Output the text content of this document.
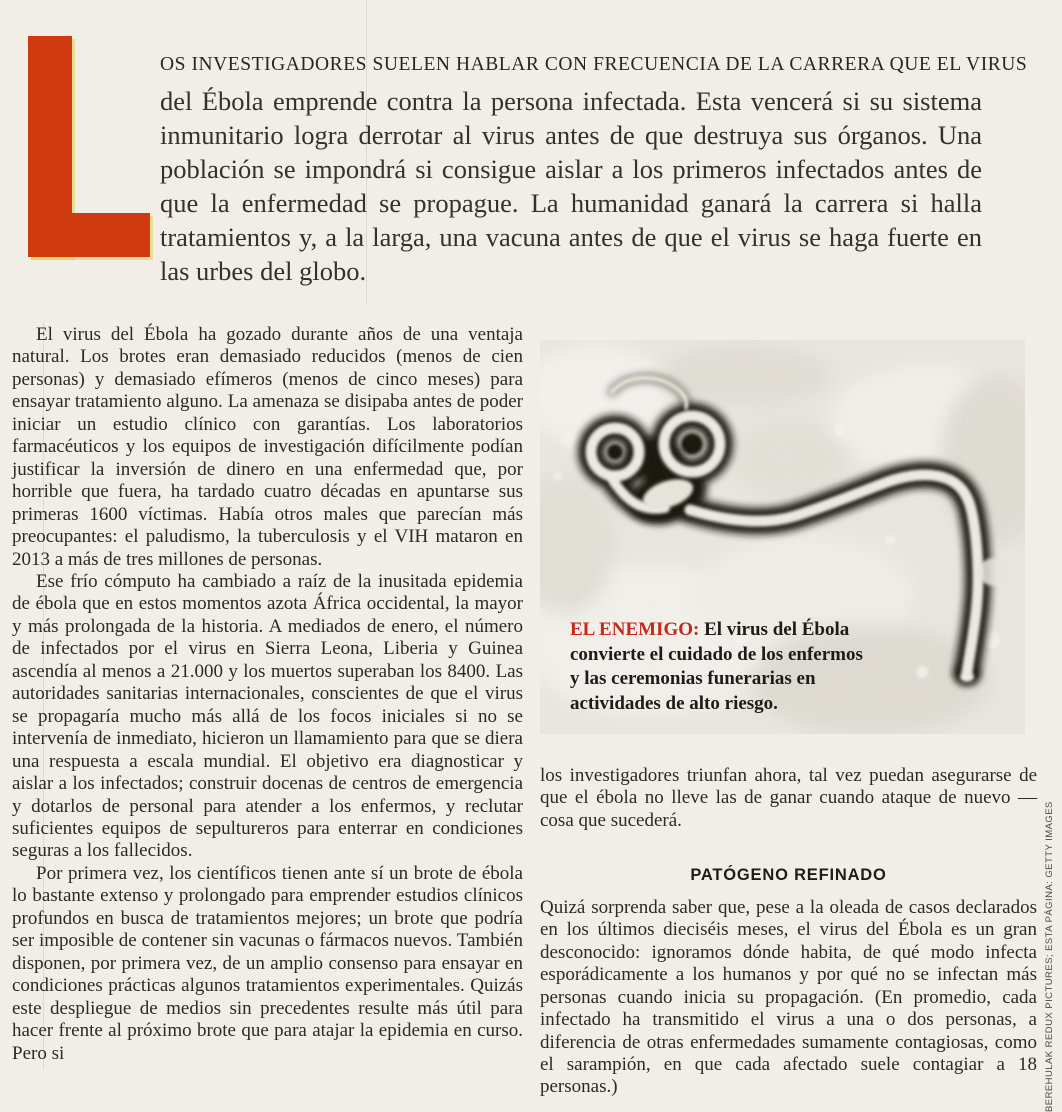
OS INVESTIGADORES SUELEN HABLAR CON FRECUENCIA DE LA CARRERA QUE EL VIRUS

del Ébola emprende contra la persona infectada. Esta vencerá si su sistema inmunitario logra derrotar al virus antes de que destruya sus órganos. Una población se impondrá si consigue aislar a los primeros infectados antes de que la enfermedad se propague. La humanidad ganará la carrera si halla tratamientos y, a la larga, una vacuna antes de que el virus se haga fuerte en las urbes del globo.

El virus del Ébola ha gozado durante años de una ventaja natural. Los brotes eran demasiado reducidos (menos de cien personas) y demasiado efímeros (menos de cinco meses) para ensayar tratamiento alguno. La amenaza se disipaba antes de poder iniciar un estudio clínico con garantías. Los laboratorios farmacéuticos y los equipos de investigación difícilmente podían justificar la inversión de dinero en una enfermedad que, por horrible que fuera, ha tardado cuatro décadas en apuntarse sus primeras 1600 víctimas. Había otros males que parecían más preocupantes: el paludismo, la tuberculosis y el VIH mataron en 2013 a más de tres millones de personas.

Ese frío cómputo ha cambiado a raíz de la inusitada epidemia de ébola que en estos momentos azota África occidental, la mayor y más prolongada de la historia. A mediados de enero, el número de infectados por el virus en Sierra Leona, Liberia y Guinea ascendía al menos a 21.000 y los muertos superaban los 8400. Las autoridades sanitarias internacionales, conscientes de que el virus se propagaría mucho más allá de los focos iniciales si no se intervenía de inmediato, hicieron un llamamiento para que se diera una respuesta a escala mundial. El objetivo era diagnosticar y aislar a los infectados; construir docenas de centros de emergencia y dotarlos de personal para atender a los enfermos, y reclutar suficientes equipos de sepultureros para enterrar en condiciones seguras a los fallecidos.

Por primera vez, los científicos tienen ante sí un brote de ébola lo bastante extenso y prolongado para emprender estudios clínicos profundos en busca de tratamientos mejores; un brote que podría ser imposible de contener sin vacunas o fármacos nuevos. También disponen, por primera vez, de un amplio consenso para ensayar en condiciones prácticas algunos tratamientos experimentales. Quizás este despliegue de medios sin precedentes resulte más útil para hacer frente al próximo brote que para atajar la epidemia en curso. Pero si

EL ENEMIGO: El virus del Ébola convierte el cuidado de los enfermos y las ceremonias funerarias en actividades de alto riesgo.

los investigadores triunfan ahora, tal vez puedan asegurarse de que el ébola no lleve las de ganar cuando ataque de nuevo —cosa que sucederá.

PATÓGENO REFINADO

Quizá sorprenda saber que, pese a la oleada de casos declarados en los últimos dieciséis meses, el virus del Ébola es un gran desconocido: ignoramos dónde habita, de qué modo infecta esporádicamente a los humanos y por qué no se infectan más personas cuando inicia su propagación. (En promedio, cada infectado ha transmitido el virus a una o dos personas, a diferencia de otras enfermedades sumamente contagiosas, como el sarampión, en que cada afectado suele contagiar a 18 personas.)	BEREHULAK REDUX PICTURES; ESTA PÁGINA: GETTY IMAGES
